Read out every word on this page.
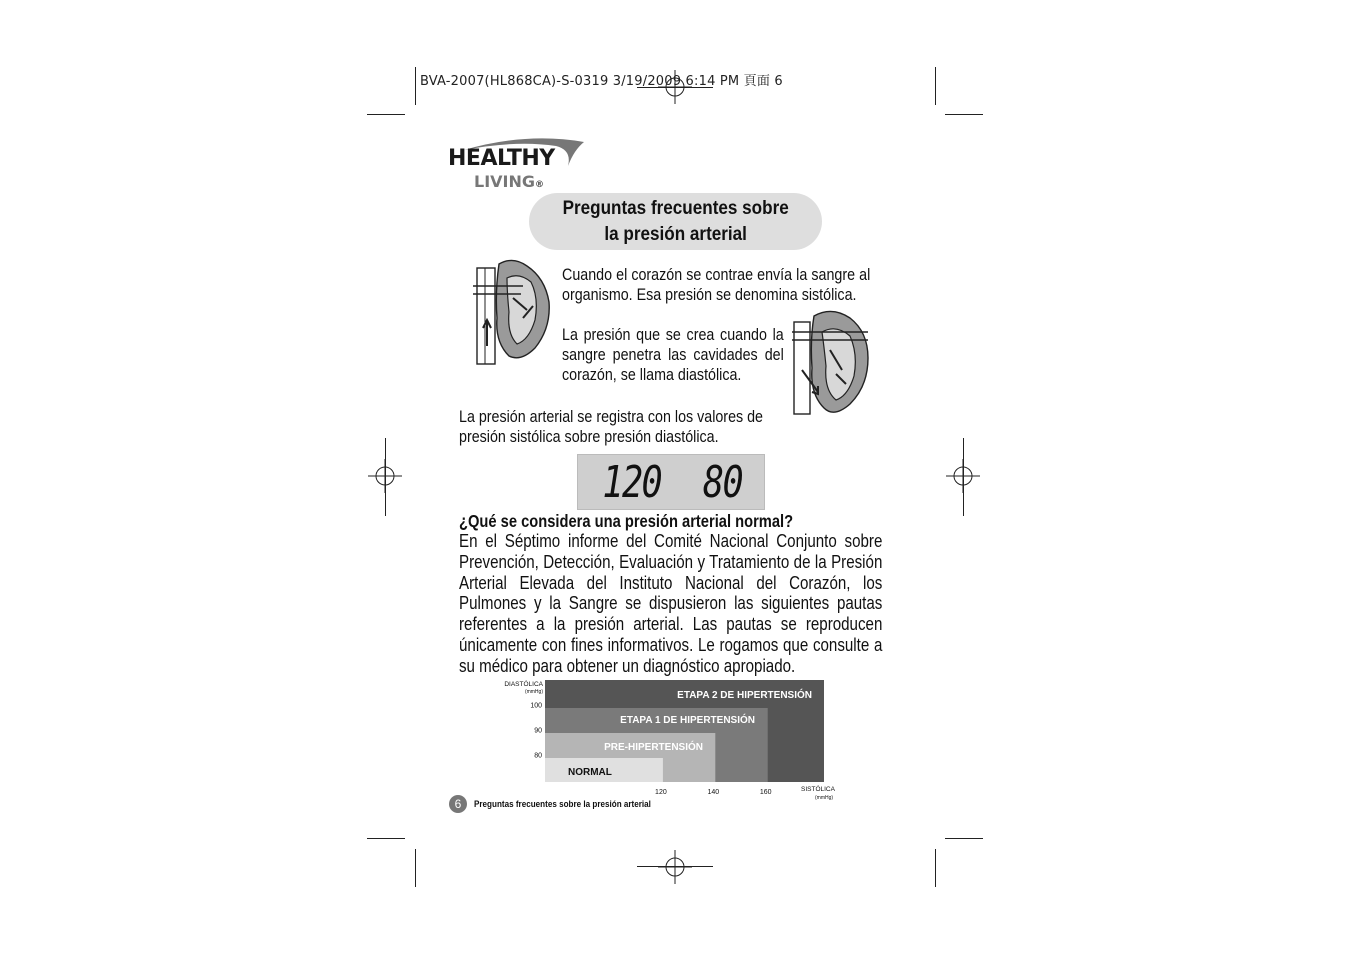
BVA-2007(HL868CA)-S-0319 3/19/2009 6:14 PM 頁面 6
HEALTHY
LIVING®
Preguntas frecuentes sobre
la presión arterial
Cuando el corazón se contrae envía la sangre al organismo. Esa presión se denomina sistólica.
La presión que se crea cuando la sangre penetra las cavidades del corazón, se llama diastólica.
La presión arterial se registra con los valores de presión sistólica sobre presión diastólica.
120 80
¿Qué se considera una presión arterial normal?
En el Séptimo informe del Comité Nacional Conjunto sobre Prevención, Detección, Evaluación y Tratamiento de la Presión Arterial Elevada del Instituto Nacional del Corazón, los Pulmones y la Sangre se dispusieron las siguientes pautas referentes a la presión arterial. Las pautas se reproducen únicamente con fines informativos. Le rogamos que consulte a su médico para obtener un diagnóstico apropiado.
DIASTÓLICA
(mmHg)
SISTÓLICA
(mmHg)
ETAPA 2 DE HIPERTENSIÓN
ETAPA 1 DE HIPERTENSIÓN
PRE-HIPERTENSIÓN
NORMAL
120	140	160
100
90
80
6	Preguntas frecuentes sobre la presión arterial
